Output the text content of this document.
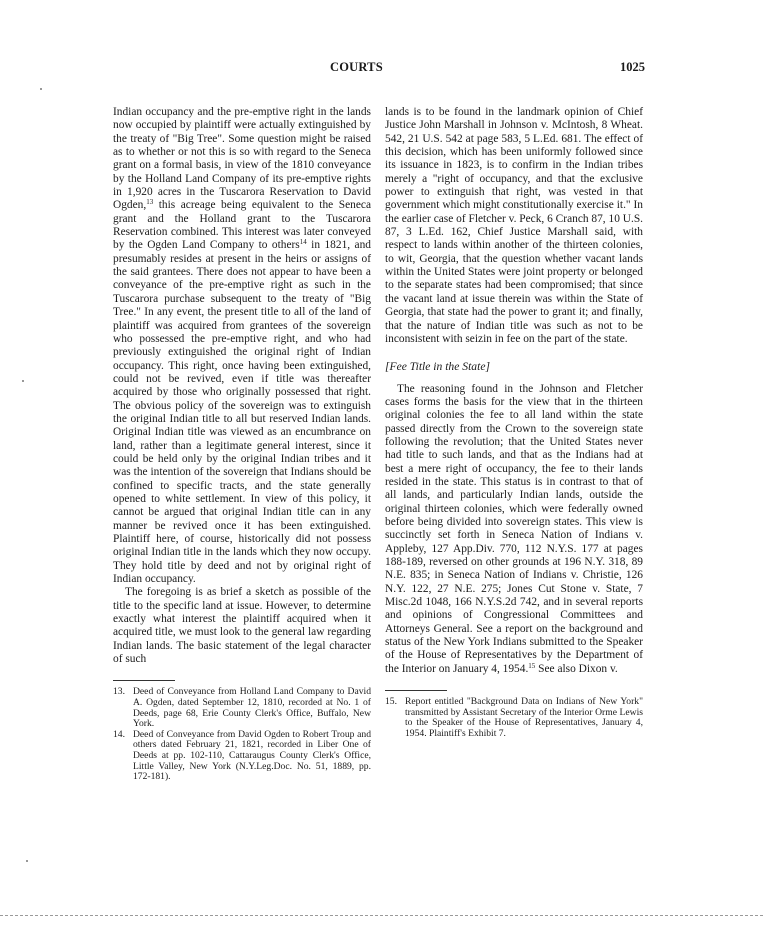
COURTS	1025

Indian occupancy and the pre-emptive right in the lands now occupied by plaintiff were actually extinguished by the treaty of "Big Tree". Some question might be raised as to whether or not this is so with regard to the Seneca grant on a formal basis, in view of the 1810 conveyance by the Holland Land Company of its pre-emptive rights in 1,920 acres in the Tuscarora Reservation to David Ogden,$^{13}$ this acreage being equivalent to the Seneca grant and the Holland grant to the Tuscarora Reservation combined. This interest was later conveyed by the Ogden Land Company to others$^{14}$ in 1821, and presumably resides at present in the heirs or assigns of the said grantees. There does not appear to have been a conveyance of the pre-emptive right as such in the Tuscarora purchase subsequent to the treaty of "Big Tree." In any event, the present title to all of the land of plaintiff was acquired from grantees of the sovereign who possessed the pre-emptive right, and who had previously extinguished the original right of Indian occupancy. This right, once having been extinguished, could not be revived, even if title was thereafter acquired by those who originally possessed that right. The obvious policy of the sovereign was to extinguish the original Indian title to all but reserved Indian lands. Original Indian title was viewed as an encumbrance on land, rather than a legitimate general interest, since it could be held only by the original Indian tribes and it was the intention of the sovereign that Indians should be confined to specific tracts, and the state generally opened to white settlement. In view of this policy, it cannot be argued that original Indian title can in any manner be revived once it has been extinguished. Plaintiff here, of course, historically did not possess original Indian title in the lands which they now occupy. They hold title by deed and not by original right of Indian occupancy.

The foregoing is as brief a sketch as possible of the title to the specific land at issue. However, to determine exactly what interest the plaintiff acquired when it acquired title, we must look to the general law regarding Indian lands. The basic statement of the legal character of such

13. Deed of Conveyance from Holland Land Company to David A. Ogden, dated September 12, 1810, recorded at No. 1 of Deeds, page 68, Erie County Clerk's Office, Buffalo, New York.
14. Deed of Conveyance from David Ogden to Robert Troup and others dated February 21, 1821, recorded in Liber One of Deeds at pp. 102-110, Cattaraugus County Clerk's Office, Little Valley, New York (N.Y.Leg.Doc. No. 51, 1889, pp. 172-181).

lands is to be found in the landmark opinion of Chief Justice John Marshall in Johnson v. McIntosh, 8 Wheat. 542, 21 U.S. 542 at page 583, 5 L.Ed. 681. The effect of this decision, which has been uniformly followed since its issuance in 1823, is to confirm in the Indian tribes merely a "right of occupancy, and that the exclusive power to extinguish that right, was vested in that government which might constitutionally exercise it." In the earlier case of Fletcher v. Peck, 6 Cranch 87, 10 U.S. 87, 3 L.Ed. 162, Chief Justice Marshall said, with respect to lands within another of the thirteen colonies, to wit, Georgia, that the question whether vacant lands within the United States were joint property or belonged to the separate states had been compromised; that since the vacant land at issue therein was within the State of Georgia, that state had the power to grant it; and finally, that the nature of Indian title was such as not to be inconsistent with seizin in fee on the part of the state.

[Fee Title in the State]

The reasoning found in the Johnson and Fletcher cases forms the basis for the view that in the thirteen original colonies the fee to all land within the state passed directly from the Crown to the sovereign state following the revolution; that the United States never had title to such lands, and that as the Indians had at best a mere right of occupancy, the fee to their lands resided in the state. This status is in contrast to that of all lands, and particularly Indian lands, outside the original thirteen colonies, which were federally owned before being divided into sovereign states. This view is succinctly set forth in Seneca Nation of Indians v. Appleby, 127 App.Div. 770, 112 N.Y.S. 177 at pages 188-189, reversed on other grounds at 196 N.Y. 318, 89 N.E. 835; in Seneca Nation of Indians v. Christie, 126 N.Y. 122, 27 N.E. 275; Jones Cut Stone v. State, 7 Misc.2d 1048, 166 N.Y.S.2d 742, and in several reports and opinions of Congressional Committees and Attorneys General. See a report on the background and status of the New York Indians submitted to the Speaker of the House of Representatives by the Department of the Interior on January 4, 1954.15 See also Dixon v.

15. Report entitled "Background Data on Indians of New York" transmitted by Assistant Secretary of the Interior Orme Lewis to the Speaker of the House of Representatives, January 4, 1954. Plaintiff's Exhibit 7.
